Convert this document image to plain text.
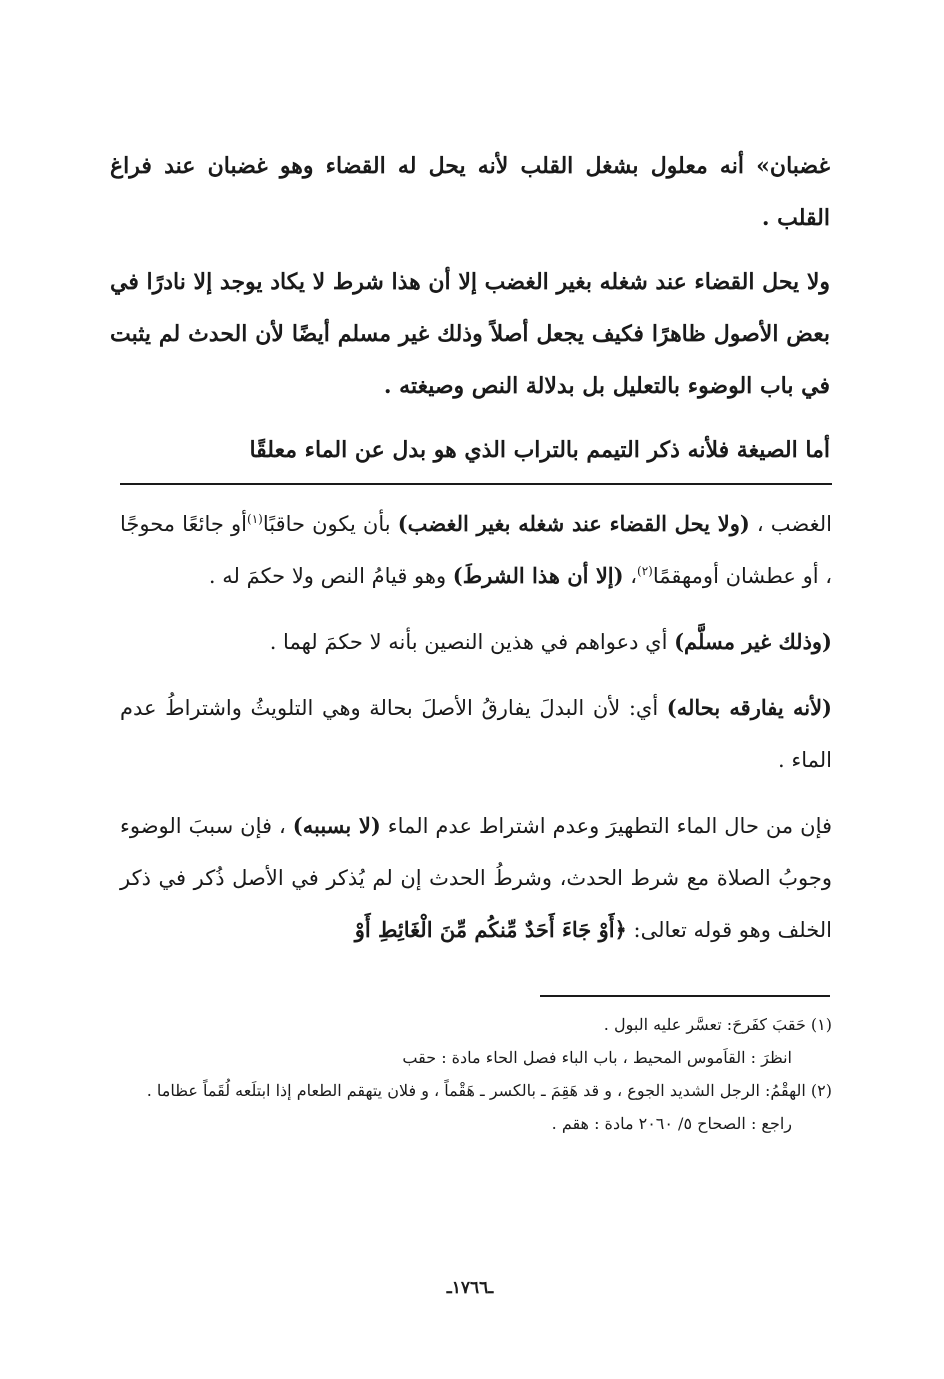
غضبان» أنه معلول بشغل القلب لأنه يحل له القضاء وهو غضبان عند فراغ القلب .

ولا يحل القضاء عند شغله بغير الغضب إلا أن هذا شرط لا يكاد يوجد إلا نادرًا في بعض الأصول ظاهرًا فكيف يجعل أصلاً وذلك غير مسلم أيضًا لأن الحدث لم يثبت في باب الوضوء بالتعليل بل بدلالة النص وصيغته .

أما الصيغة فلأنه ذكر التيمم بالتراب الذي هو بدل عن الماء معلقًا

الغضب ، (ولا يحل القضاء عند شغله بغير الغضب) بأن يكون حاقبًا$^{(١)}$أو جائعًا محوجًا ، أو عطشان أومهقمًا$^{(٢)}$، (إلا أن هذا الشرطَ) وهو قيامُ النص ولا حكمَ له .

(وذلك غير مسلَّم) أي دعواهم في هذين النصين بأنه لا حكمَ لهما .

(لأنه يفارقه بحاله) أي: لأن البدلَ يفارقُ الأصلَ بحالة وهي التلويثُ واشتراطُ عدم الماء .

فإن من حال الماء التطهيرَ وعدم اشتراط عدم الماء (لا بسببه) ، فإن سببَ الوضوء وجوبُ الصلاة مع شرط الحدث، وشرطُ الحدث إن لم يُذكر في الأصل ذُكر في ذكر الخلف وهو قوله تعالى: ﴿أَوْ جَاءَ أَحَدٌ مِّنكُم مِّنَ الْغَائِطِ أَوْ

(١) حَقبَ كفَرحَ: تعسَّر عليه البول .

انظرَ : القاَموس المحيط ، باب الباء فصل الحاء مادة : حقب

(٢) الهقْمُ: الرجل الشديد الجوع ، و قد هَقِمَ ـ بالكسر ـ هَقْماً ، و فلان يتهقم الطعام إذا ابتلَعه لُقَماً عظاما .

راجع : الصحاح ٥/ ٢٠٦٠ مادة : هقم .

ـ١٧٦٦ـ
